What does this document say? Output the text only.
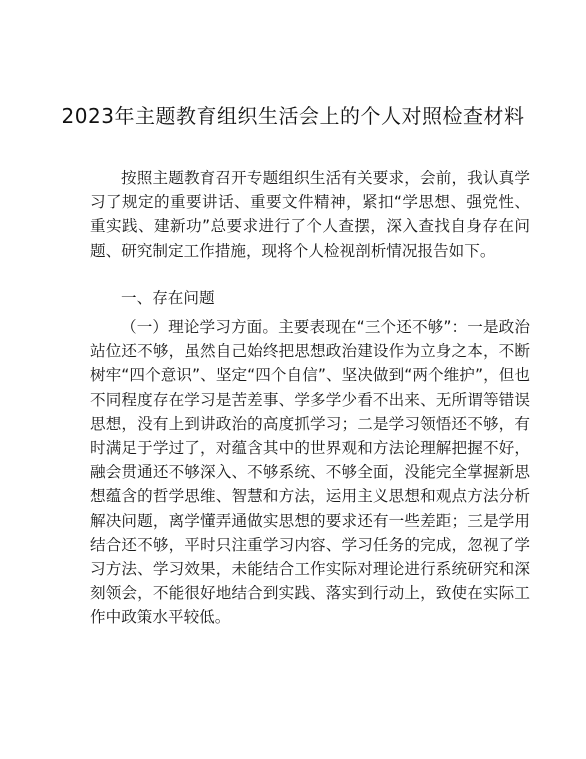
2023年主题教育组织生活会上的个人对照检查材料
按照主题教育召开专题组织生活有关要求，会前，我认真学习了规定的重要讲话、重要文件精神，紧扣“学思想、强党性、重实践、建新功”总要求进行了个人查摆，深入查找自身存在问题、研究制定工作措施，现将个人检视剖析情况报告如下。
一、存在问题
（一）理论学习方面。主要表现在“三个还不够”：一是政治站位还不够，虽然自己始终把思想政治建设作为立身之本，不断树牢“四个意识”、坚定“四个自信”、坚决做到“两个维护”，但也不同程度存在学习是苦差事、学多学少看不出来、无所谓等错误思想，没有上到讲政治的高度抓学习；二是学习领悟还不够，有时满足于学过了，对蕴含其中的世界观和方法论理解把握不好，融会贯通还不够深入、不够系统、不够全面，没能完全掌握新思想蕴含的哲学思维、智慧和方法，运用主义思想和观点方法分析解决问题，离学懂弄通做实思想的要求还有一些差距；三是学用结合还不够，平时只注重学习内容、学习任务的完成，忽视了学习方法、学习效果，未能结合工作实际对理论进行系统研究和深刻领会，不能很好地结合到实践、落实到行动上，致使在实际工作中政策水平较低。
